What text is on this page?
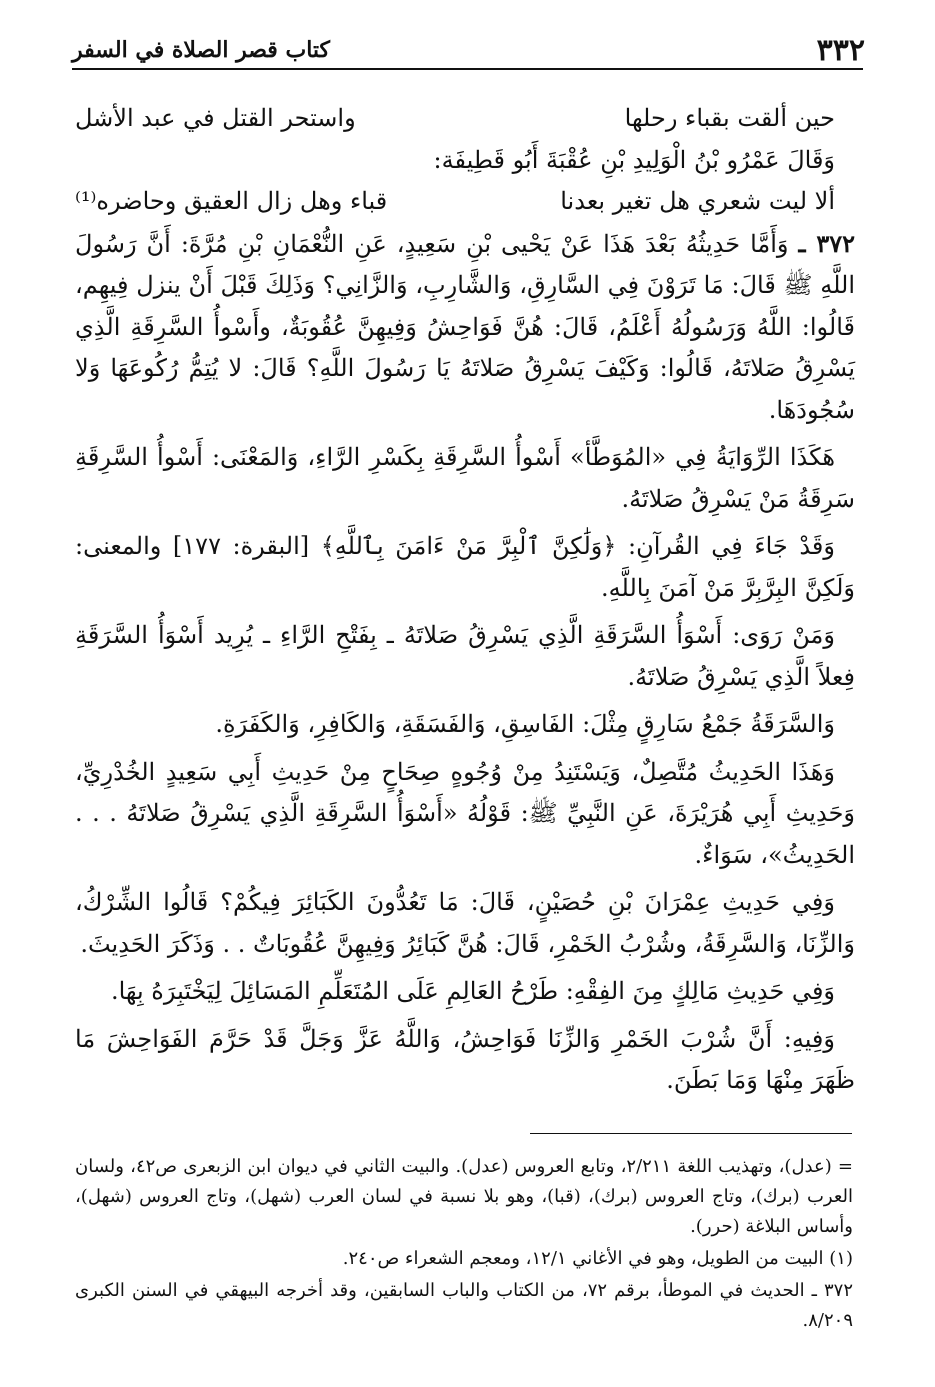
٣٣٢
كتاب قصر الصلاة في السفر
حين ألقت بقباء رحلها
واستحر القتل في عبد الأشل
وَقَالَ عَمْرُو بْنُ الْوَلِيدِ بْنِ عُقْبَةَ أَبُو قَطِيفَة:
ألا ليت شعري هل تغير بعدنا
قباء وهل زال العقيق وحاضره⁽¹⁾

٣٧٢ ـ وَأَمَّا حَدِيثُهُ بَعْدَ هَذَا عَنْ يَحْيى بْنِ سَعِيدٍ، عَنِ النُّعْمَانِ بْنِ مُرَّةَ: أَنَّ رَسُولَ اللَّهِ ﷺ قَالَ: مَا تَرَوْنَ فِي السَّارِقِ، وَالشَّارِبِ، وَالزَّانِي؟ وَذَلِكَ قَبْلَ أَنْ ينزل فِيهِم، قَالُوا: اللَّهُ وَرَسُولُهُ أَعْلَمُ، قَالَ: هُنَّ فَوَاحِشُ وَفِيهِنَّ عُقُوبَةٌ، وأَسْوأُ السَّرِقَةِ الَّذِي يَسْرِقُ صَلاتَهُ، قَالُوا: وَكَيْفَ يَسْرِقُ صَلاتَهُ يَا رَسُولَ اللَّهِ؟ قَالَ: لا يُتِمُّ رُكُوعَهَا وَلا سُجُودَهَا.

هَكَذَا الرِّوَايَةُ فِي «المُوَطَّأ» أَسْوأُ السَّرِقَةِ بِكَسْرِ الرَّاءِ، وَالمَعْنَى: أَسْوأُ السَّرِقَةِ سَرِقَةُ مَنْ يَسْرِقُ صَلاتَهُ.

وَقَدْ جَاءَ فِي القُرآنِ: ﴿وَلَٰكِنَّ ٱلْبِرَّ مَنْ ءَامَنَ بِٱللَّهِ﴾ [البقرة: ١٧٧] والمعنى: وَلَكِنَّ البِرَّبِرَّ مَنْ آمَنَ بِاللَّهِ.

وَمَنْ رَوَى: أَسْوَأُ السَّرَقَةِ الَّذِي يَسْرِقُ صَلاتَهُ ـ بِفَتْحِ الرَّاءِ ـ يُرِيد أَسْوَأُ السَّرَقَةِ فِعلاً الَّذِي يَسْرِقُ صَلاتَهُ.

وَالسَّرَقَةُ جَمْعُ سَارِقٍ مِثْلَ: الفَاسِقِ، وَالفَسَقَةِ، وَالكَافِرِ، وَالكَفَرَةِ.

وَهَذَا الحَدِيثُ مُتَّصِلٌ، وَيَسْتَنِدُ مِنْ وُجُوهٍ صِحَاحٍ مِنْ حَدِيثِ أَبِي سَعِيدٍ الخُدْرِيِّ، وَحَدِيثِ أَبِي هُرَيْرَةَ، عَنِ النَّبِيِّ ﷺ: قَوْلُهُ «أَسْوَأُ السَّرِقَةِ الَّذِي يَسْرِقُ صَلاتَهُ . . . الحَدِيثُ»، سَوَاءٌ.

وَفِي حَدِيثِ عِمْرَانَ بْنِ حُصَيْنٍ، قَالَ: مَا تَعُدُّونَ الكَبَائِرَ فِيكُمْ؟ قَالُوا الشِّرْكُ، وَالزِّنَا، وَالسَّرِقَةُ، وشُرْبُ الخَمْرِ، قَالَ: هُنَّ كَبَائِرُ وَفِيهِنَّ عُقُوبَاتٌ . . وَذَكَرَ الحَدِيثَ.

وَفِي حَدِيثِ مَالِكٍ مِنَ الفِقْهِ: طَرْحُ العَالِمِ عَلَى المُتَعَلِّمِ المَسَائِلَ لِيَخْتَبِرَهُ بِهَا.

وَفِيهِ: أَنَّ شُرْبَ الخَمْرِ وَالزِّنَا فَوَاحِشُ، وَاللَّهُ عَزَّ وَجَلَّ قَدْ حَرَّمَ الفَوَاحِشَ مَا ظَهَرَ مِنْهَا وَمَا بَطَنَ.

= (عدل)، وتهذيب اللغة ٢/٢١١، وتابع العروس (عدل). والبيت الثاني في ديوان ابن الزبعرى ص٤٢، ولسان العرب (برك)، وتاج العروس (برك)، (قبا)، وهو بلا نسبة في لسان العرب (شهل)، وتاج العروس (شهل)، وأساس البلاغة (حرر).

(١) البيت من الطويل، وهو في الأغاني ١٢/١، ومعجم الشعراء ص٢٤٠.

٣٧٢ ـ الحديث في الموطأ، برقم ٧٢، من الكتاب والباب السابقين، وقد أخرجه البيهقي في السنن الكبرى ٨/٢٠٩.
